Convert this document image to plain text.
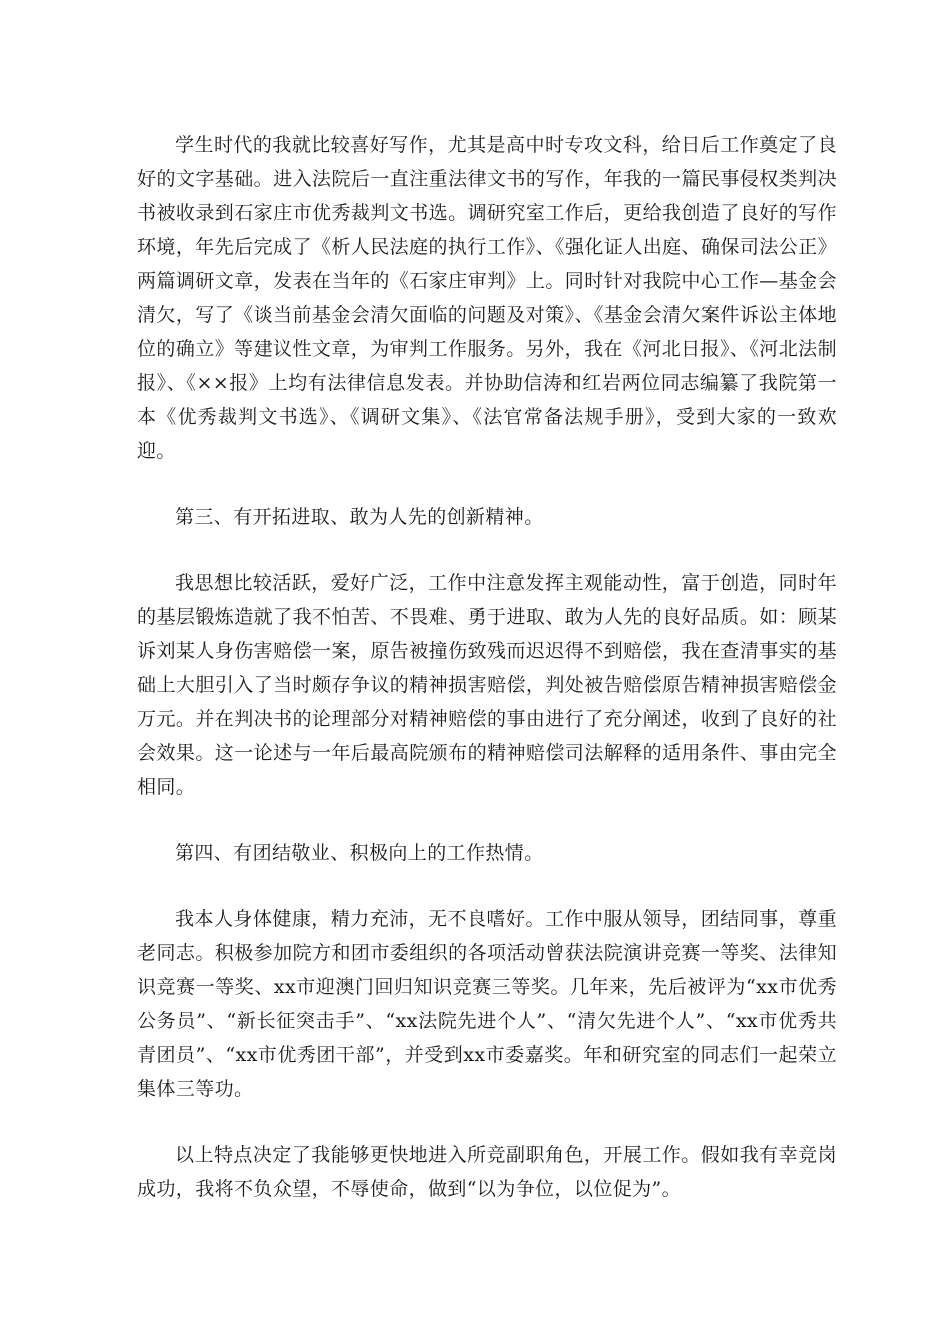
学生时代的我就比较喜好写作，尤其是高中时专攻文科，给日后工作奠定了良好的文字基础。进入法院后一直注重法律文书的写作，年我的一篇民事侵权类判决书被收录到石家庄市优秀裁判文书选。调研究室工作后，更给我创造了良好的写作环境，年先后完成了《析人民法庭的执行工作》、《强化证人出庭、确保司法公正》两篇调研文章，发表在当年的《石家庄审判》上。同时针对我院中心工作—基金会清欠，写了《谈当前基金会清欠面临的问题及对策》、《基金会清欠案件诉讼主体地位的确立》等建议性文章，为审判工作服务。另外，我在《河北日报》、《河北法制报》、《××报》上均有法律信息发表。并协助信涛和红岩两位同志编纂了我院第一本《优秀裁判文书选》、《调研文集》、《法官常备法规手册》，受到大家的一致欢迎。

第三、有开拓进取、敢为人先的创新精神。

我思想比较活跃，爱好广泛，工作中注意发挥主观能动性，富于创造，同时年的基层锻炼造就了我不怕苦、不畏难、勇于进取、敢为人先的良好品质。如：顾某诉刘某人身伤害赔偿一案，原告被撞伤致残而迟迟得不到赔偿，我在查清事实的基础上大胆引入了当时颇存争议的精神损害赔偿，判处被告赔偿原告精神损害赔偿金万元。并在判决书的论理部分对精神赔偿的事由进行了充分阐述，收到了良好的社会效果。这一论述与一年后最高院颁布的精神赔偿司法解释的适用条件、事由完全相同。

第四、有团结敬业、积极向上的工作热情。

我本人身体健康，精力充沛，无不良嗜好。工作中服从领导，团结同事，尊重老同志。积极参加院方和团市委组织的各项活动曾获法院演讲竞赛一等奖、法律知识竞赛一等奖、xx市迎澳门回归知识竞赛三等奖。几年来，先后被评为“xx市优秀公务员”、“新长征突击手”、“xx法院先进个人”、“清欠先进个人”、“xx市优秀共青团员”、“xx市优秀团干部”，并受到xx市委嘉奖。年和研究室的同志们一起荣立集体三等功。

以上特点决定了我能够更快地进入所竞副职角色，开展工作。假如我有幸竞岗成功，我将不负众望，不辱使命，做到“以为争位，以位促为”。
